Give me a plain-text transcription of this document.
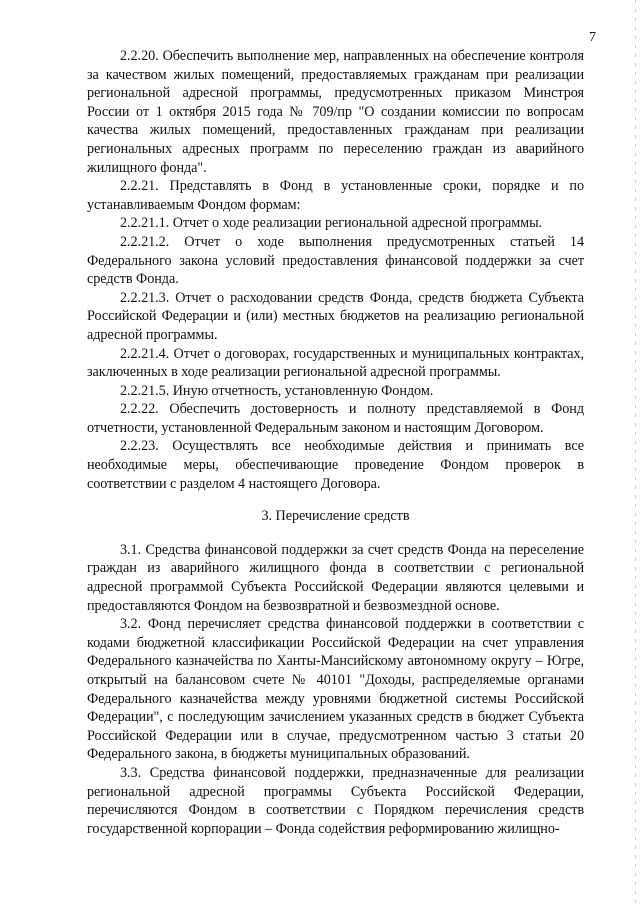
7

2.2.20. Обеспечить выполнение мер, направленных на обеспечение контроля за качеством жилых помещений, предоставляемых гражданам при реализации региональной адресной программы, предусмотренных приказом Минстроя России от 1 октября 2015 года № 709/пр "О создании комиссии по вопросам качества жилых помещений, предоставленных гражданам при реализации региональных адресных программ по переселению граждан из аварийного жилищного фонда".

2.2.21. Представлять в Фонд в установленные сроки, порядке и по устанавливаемым Фондом формам:

2.2.21.1. Отчет о ходе реализации региональной адресной программы.

2.2.21.2. Отчет о ходе выполнения предусмотренных статьей 14 Федерального закона условий предоставления финансовой поддержки за счет средств Фонда.

2.2.21.3. Отчет о расходовании средств Фонда, средств бюджета Субъекта Российской Федерации и (или) местных бюджетов на реализацию региональной адресной программы.

2.2.21.4. Отчет о договорах, государственных и муниципальных контрактах, заключенных в ходе реализации региональной адресной программы.

2.2.21.5. Иную отчетность, установленную Фондом.

2.2.22. Обеспечить достоверность и полноту представляемой в Фонд отчетности, установленной Федеральным законом и настоящим Договором.

2.2.23. Осуществлять все необходимые действия и принимать все необходимые меры, обеспечивающие проведение Фондом проверок в соответствии с разделом 4 настоящего Договора.

3. Перечисление средств

3.1. Средства финансовой поддержки за счет средств Фонда на переселение граждан из аварийного жилищного фонда в соответствии с региональной адресной программой Субъекта Российской Федерации являются целевыми и предоставляются Фондом на безвозвратной и безвозмездной основе.

3.2. Фонд перечисляет средства финансовой поддержки в соответствии с кодами бюджетной классификации Российской Федерации на счет управления Федерального казначейства по Ханты-Мансийскому автономному округу – Югре, открытый на балансовом счете № 40101 "Доходы, распределяемые органами Федерального казначейства между уровнями бюджетной системы Российской Федерации", с последующим зачислением указанных средств в бюджет Субъекта Российской Федерации или в случае, предусмотренном частью 3 статьи 20 Федерального закона, в бюджеты муниципальных образований.

3.3. Средства финансовой поддержки, предназначенные для реализации региональной адресной программы Субъекта Российской Федерации, перечисляются Фондом в соответствии с Порядком перечисления средств государственной корпорации – Фонда содействия реформированию жилищно-
